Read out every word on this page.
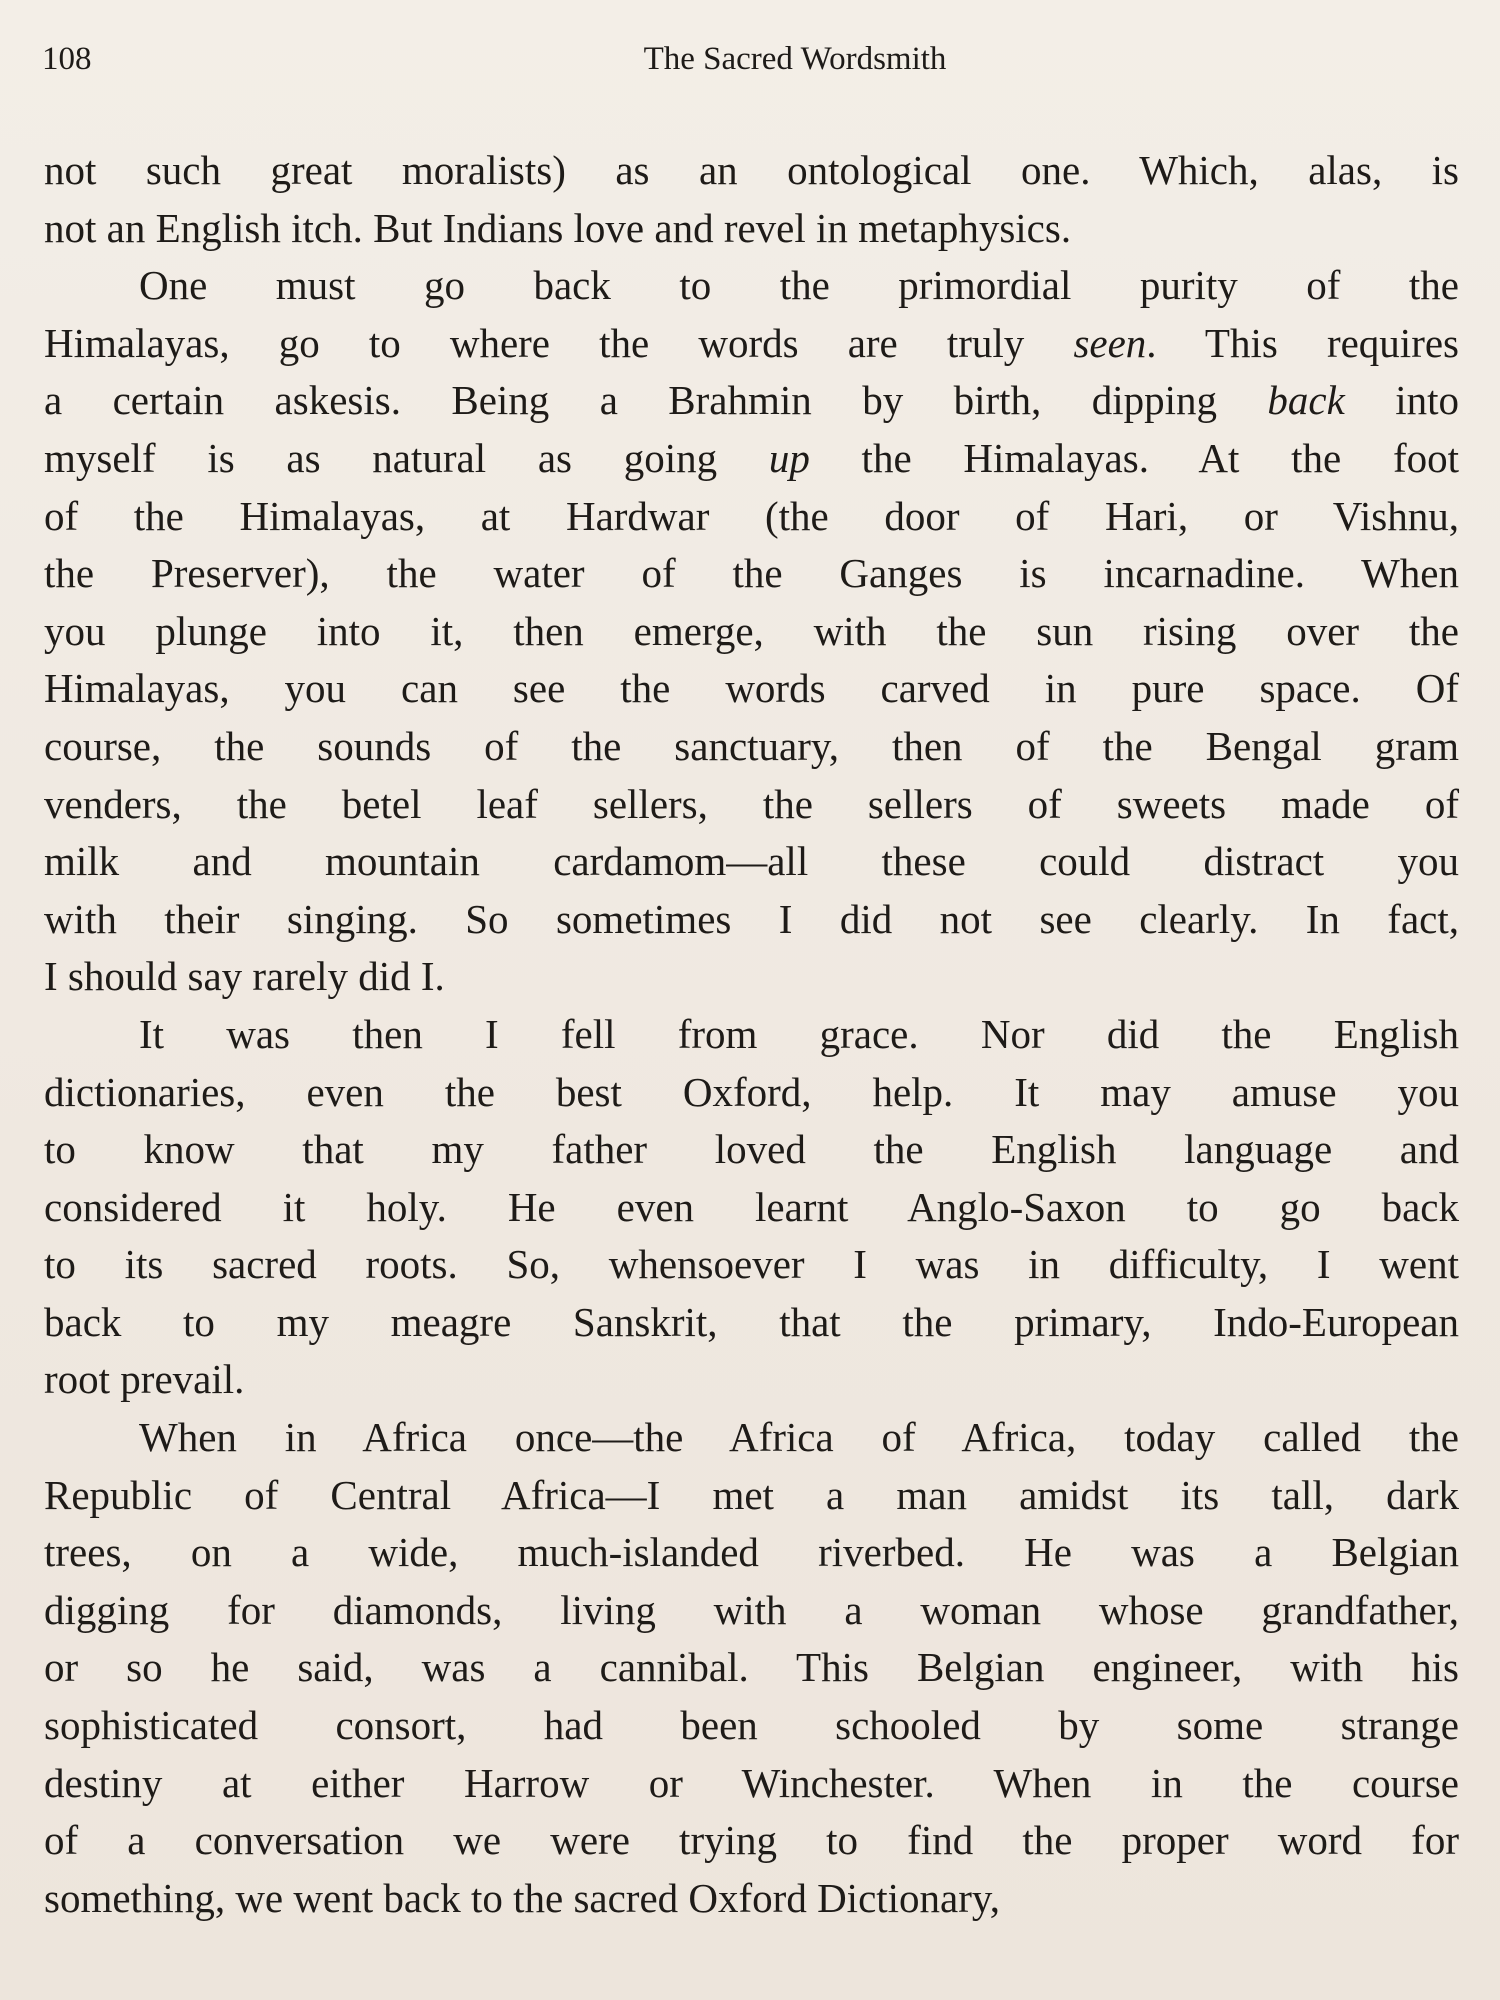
108	The Sacred Wordsmith
not such great moralists) as an ontological one. Which, alas, is
not an English itch. But Indians love and revel in metaphysics.
One must go back to the primordial purity of the
Himalayas, go to where the words are truly seen. This requires
a certain askesis. Being a Brahmin by birth, dipping back into
myself is as natural as going up the Himalayas. At the foot
of the Himalayas, at Hardwar (the door of Hari, or Vishnu,
the Preserver), the water of the Ganges is incarnadine. When
you plunge into it, then emerge, with the sun rising over the
Himalayas, you can see the words carved in pure space. Of
course, the sounds of the sanctuary, then of the Bengal gram
venders, the betel leaf sellers, the sellers of sweets made of
milk and mountain cardamom—all these could distract you
with their singing. So sometimes I did not see clearly. In fact,
I should say rarely did I.
It was then I fell from grace. Nor did the English
dictionaries, even the best Oxford, help. It may amuse you
to know that my father loved the English language and
considered it holy. He even learnt Anglo-Saxon to go back
to its sacred roots. So, whensoever I was in difficulty, I went
back to my meagre Sanskrit, that the primary, Indo-European
root prevail.
When in Africa once—the Africa of Africa, today called the
Republic of Central Africa—I met a man amidst its tall, dark
trees, on a wide, much-islanded riverbed. He was a Belgian
digging for diamonds, living with a woman whose grandfather,
or so he said, was a cannibal. This Belgian engineer, with his
sophisticated consort, had been schooled by some strange
destiny at either Harrow or Winchester. When in the course
of a conversation we were trying to find the proper word for
something, we went back to the sacred Oxford Dictionary,
